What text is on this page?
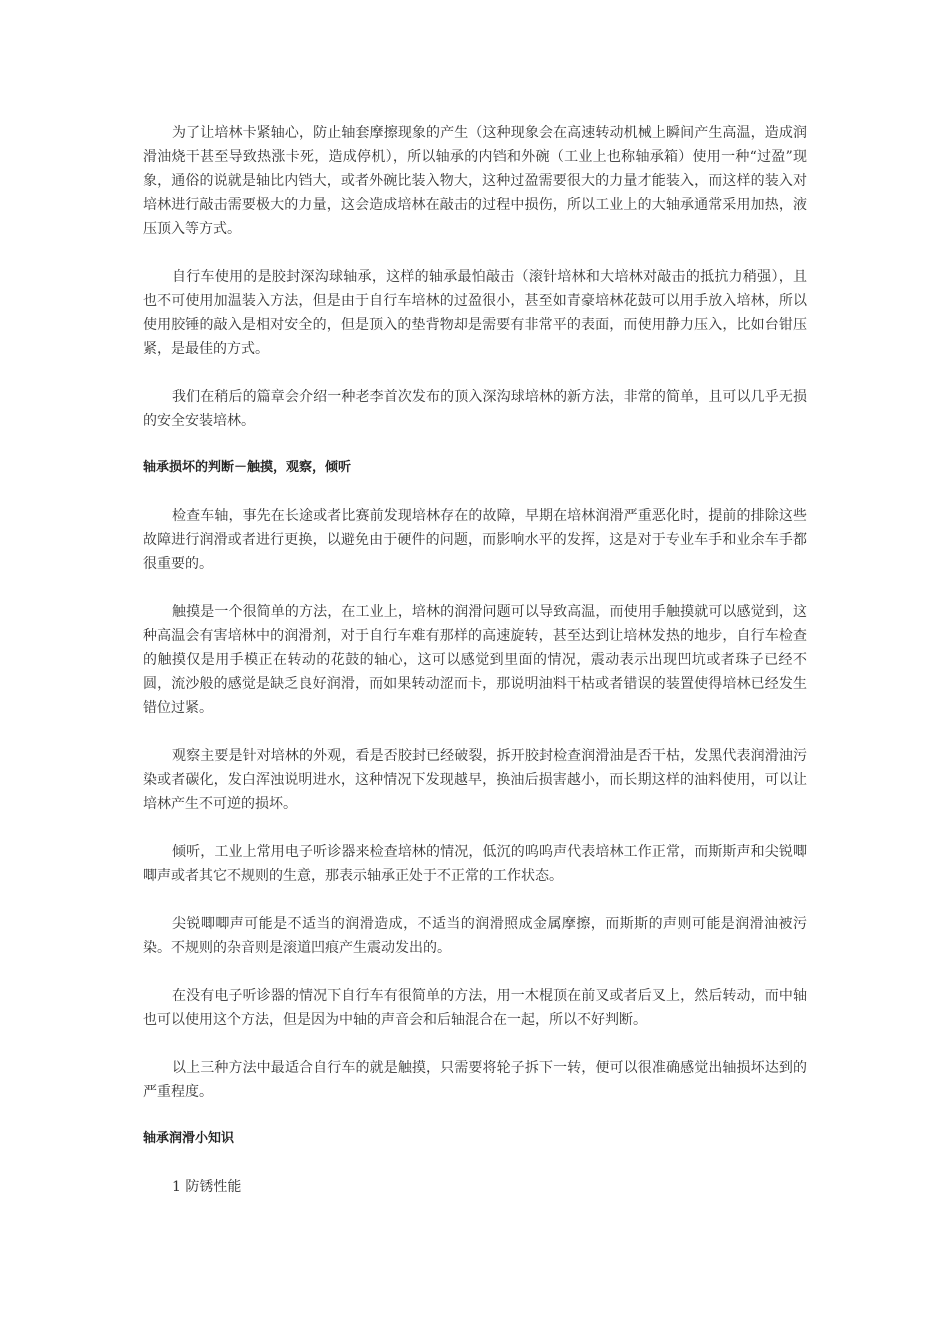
为了让培林卡紧轴心，防止轴套摩擦现象的产生（这种现象会在高速转动机械上瞬间产生高温，造成润滑油烧干甚至导致热涨卡死，造成停机），所以轴承的内铛和外碗（工业上也称轴承箱）使用一种“过盈”现象，通俗的说就是轴比内铛大，或者外碗比装入物大，这种过盈需要很大的力量才能装入，而这样的装入对培林进行敲击需要极大的力量，这会造成培林在敲击的过程中损伤，所以工业上的大轴承通常采用加热，液压顶入等方式。

自行车使用的是胶封深沟球轴承，这样的轴承最怕敲击（滚针培林和大培林对敲击的抵抗力稍强），且也不可使用加温装入方法，但是由于自行车培林的过盈很小，甚至如青豪培林花鼓可以用手放入培林，所以使用胶锤的敲入是相对安全的，但是顶入的垫背物却是需要有非常平的表面，而使用静力压入，比如台钳压紧，是最佳的方式。

我们在稍后的篇章会介绍一种老李首次发布的顶入深沟球培林的新方法，非常的简单，且可以几乎无损的安全安装培林。

轴承损坏的判断－触摸，观察，倾听

检查车轴，事先在长途或者比赛前发现培林存在的故障，早期在培林润滑严重恶化时，提前的排除这些故障进行润滑或者进行更换，以避免由于硬件的问题，而影响水平的发挥，这是对于专业车手和业余车手都很重要的。

触摸是一个很简单的方法，在工业上，培林的润滑问题可以导致高温，而使用手触摸就可以感觉到，这种高温会有害培林中的润滑剂，对于自行车难有那样的高速旋转，甚至达到让培林发热的地步，自行车检查的触摸仅是用手模正在转动的花鼓的轴心，这可以感觉到里面的情况，震动表示出现凹坑或者珠子已经不圆，流沙般的感觉是缺乏良好润滑，而如果转动涩而卡，那说明油料干枯或者错误的装置使得培林已经发生错位过紧。

观察主要是针对培林的外观，看是否胶封已经破裂，拆开胶封检查润滑油是否干枯，发黑代表润滑油污染或者碳化，发白浑浊说明进水，这种情况下发现越早，换油后损害越小，而长期这样的油料使用，可以让培林产生不可逆的损坏。

倾听，工业上常用电子听诊器来检查培林的情况，低沉的呜呜声代表培林工作正常，而斯斯声和尖锐唧唧声或者其它不规则的生意，那表示轴承正处于不正常的工作状态。

尖锐唧唧声可能是不适当的润滑造成，不适当的润滑照成金属摩擦，而斯斯的声则可能是润滑油被污染。不规则的杂音则是滚道凹痕产生震动发出的。

在没有电子听诊器的情况下自行车有很简单的方法，用一木棍顶在前叉或者后叉上，然后转动，而中轴也可以使用这个方法，但是因为中轴的声音会和后轴混合在一起，所以不好判断。

以上三种方法中最适合自行车的就是触摸，只需要将轮子拆下一转，便可以很准确感觉出轴损坏达到的严重程度。

轴承润滑小知识

1 防锈性能
